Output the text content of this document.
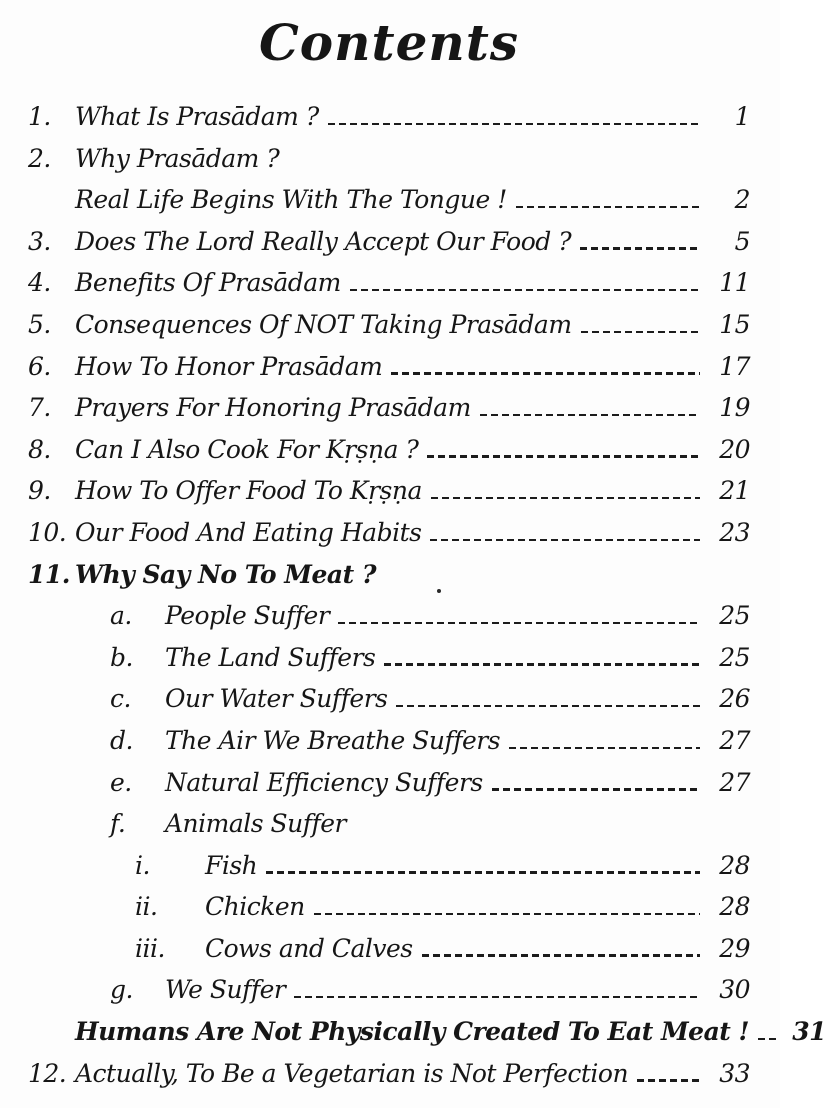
Contents
1. What Is Prasādam ?	1
2. Why Prasādam ?
Real Life Begins With The Tongue !	2
3. Does The Lord Really Accept Our Food ?	5
4. Benefits Of Prasādam	11
5. Consequences Of NOT Taking Prasādam	15
6. How To Honor Prasādam	17
7. Prayers For Honoring Prasādam	19
8. Can I Also Cook For Kṛṣṇa ?	20
9. How To Offer Food To Kṛṣṇa	21
10. Our Food And Eating Habits	23
11. Why Say No To Meat ?
a.	People Suffer	25
b.	The Land Suffers	25
c.	Our Water Suffers	26
d.	The Air We Breathe Suffers	27
e.	Natural Efficiency Suffers	27
f.	Animals Suffer
i.	Fish	28
ii.	Chicken	28
iii.	Cows and Calves	29
g.	We Suffer	30
Humans Are Not Physically Created To Eat Meat ! 31
12. Actually, To Be a Vegetarian is Not Perfection	33
